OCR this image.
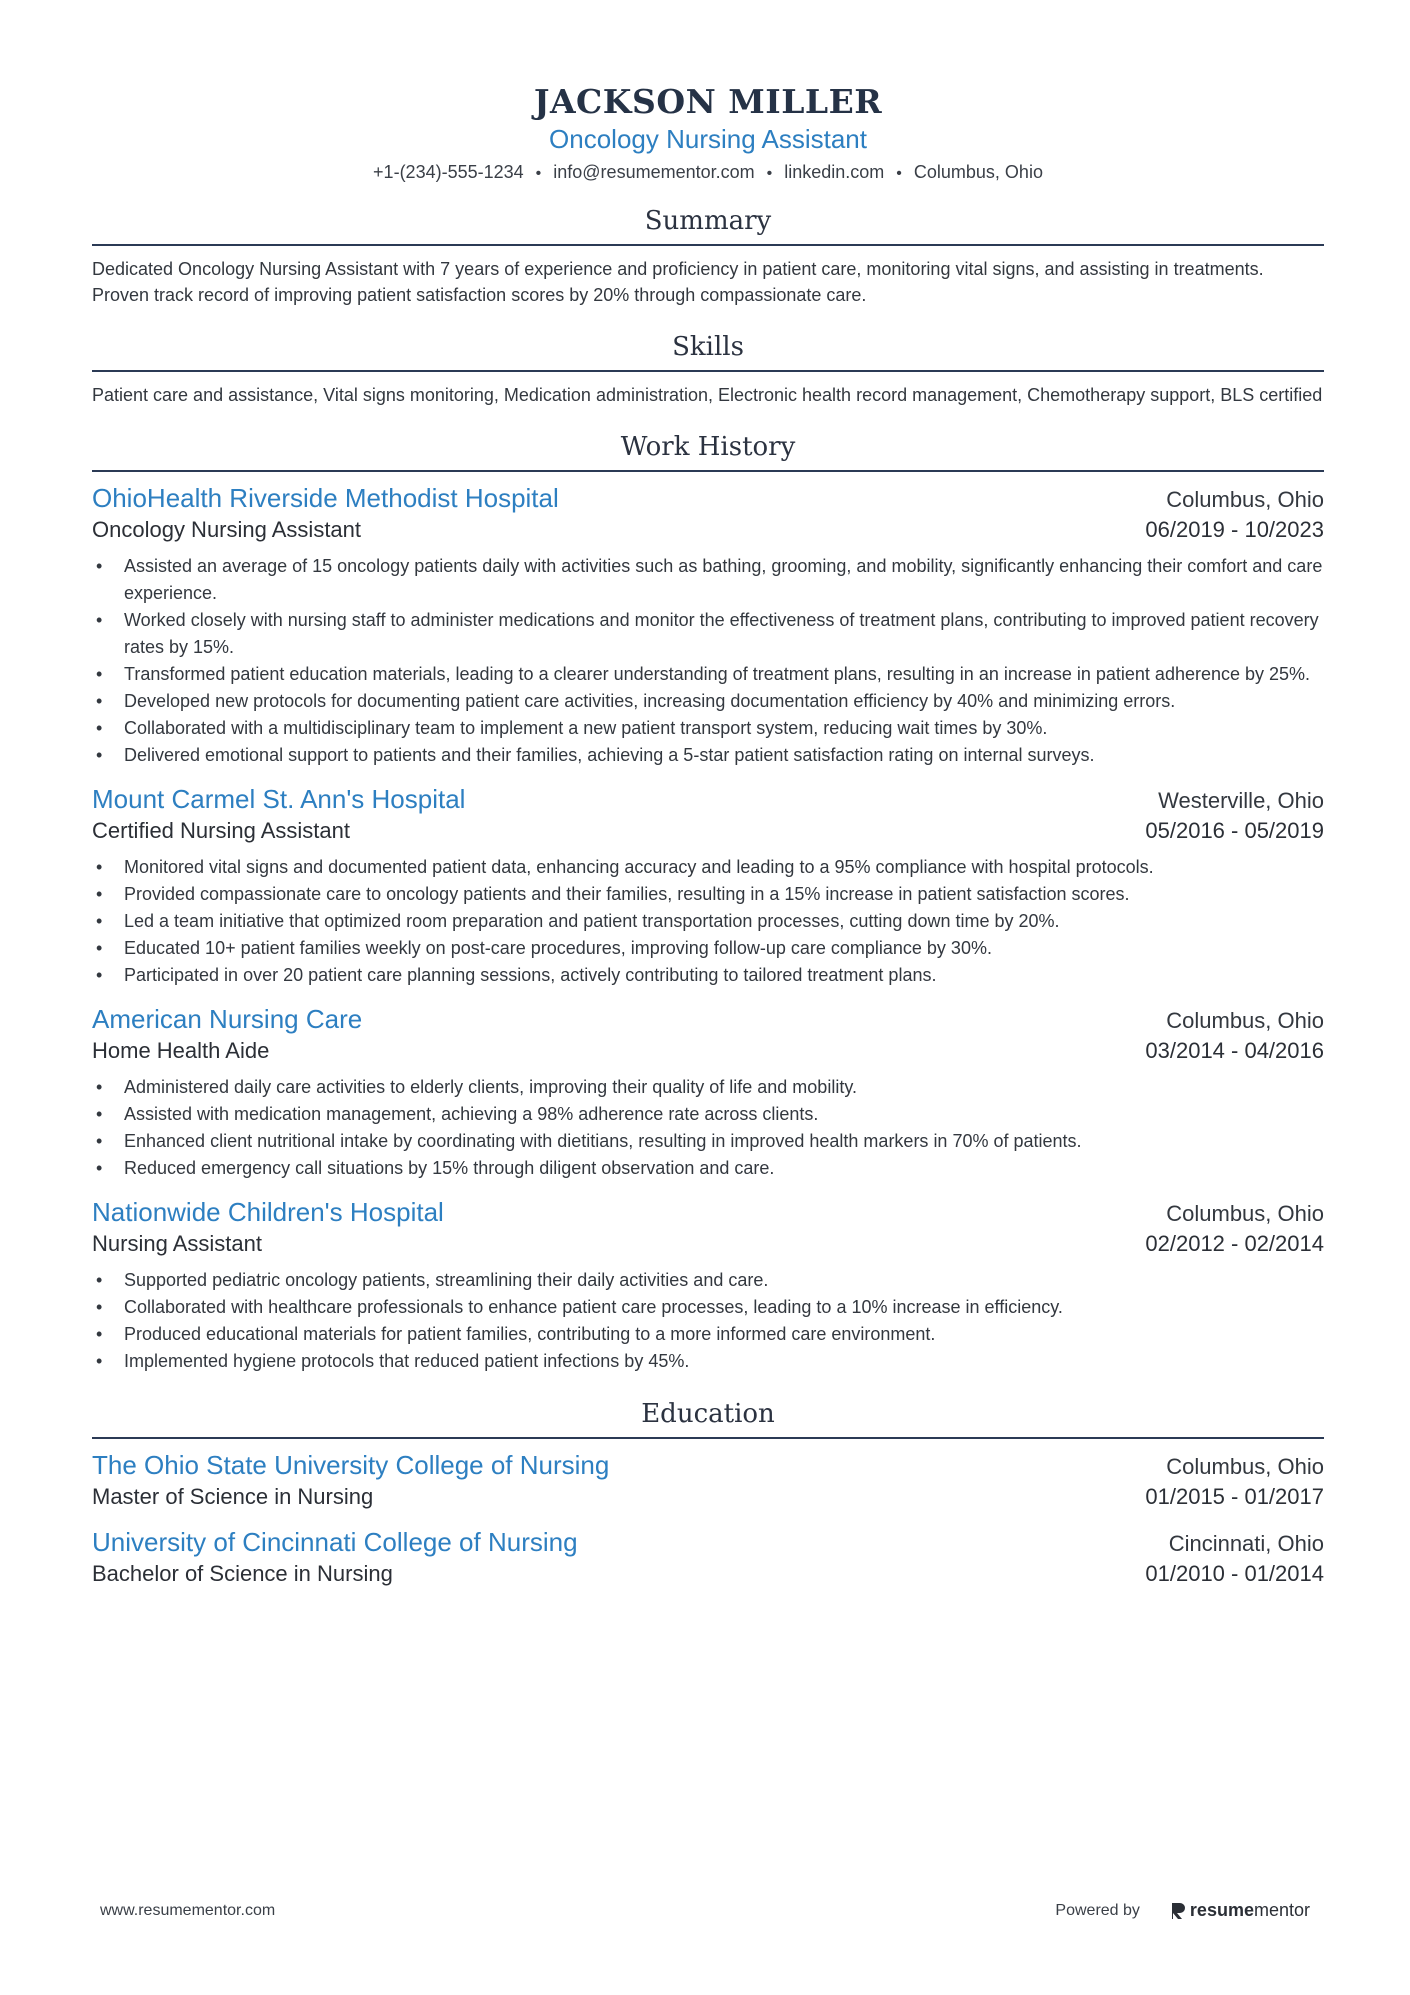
JACKSON MILLER
Oncology Nursing Assistant
+1-(234)-555-1234 • info@resumementor.com • linkedin.com • Columbus, Ohio
Summary
Dedicated Oncology Nursing Assistant with 7 years of experience and proficiency in patient care, monitoring vital signs, and assisting in treatments. Proven track record of improving patient satisfaction scores by 20% through compassionate care.
Skills
Patient care and assistance, Vital signs monitoring, Medication administration, Electronic health record management, Chemotherapy support, BLS certified
Work History
OhioHealth Riverside Methodist Hospital	Columbus, Ohio
Oncology Nursing Assistant	06/2019 - 10/2023
• Assisted an average of 15 oncology patients daily with activities such as bathing, grooming, and mobility, significantly enhancing their comfort and care experience.
• Worked closely with nursing staff to administer medications and monitor the effectiveness of treatment plans, contributing to improved patient recovery rates by 15%.
• Transformed patient education materials, leading to a clearer understanding of treatment plans, resulting in an increase in patient adherence by 25%.
• Developed new protocols for documenting patient care activities, increasing documentation efficiency by 40% and minimizing errors.
• Collaborated with a multidisciplinary team to implement a new patient transport system, reducing wait times by 30%.
• Delivered emotional support to patients and their families, achieving a 5-star patient satisfaction rating on internal surveys.
Mount Carmel St. Ann's Hospital	Westerville, Ohio
Certified Nursing Assistant	05/2016 - 05/2019
• Monitored vital signs and documented patient data, enhancing accuracy and leading to a 95% compliance with hospital protocols.
• Provided compassionate care to oncology patients and their families, resulting in a 15% increase in patient satisfaction scores.
• Led a team initiative that optimized room preparation and patient transportation processes, cutting down time by 20%.
• Educated 10+ patient families weekly on post-care procedures, improving follow-up care compliance by 30%.
• Participated in over 20 patient care planning sessions, actively contributing to tailored treatment plans.
American Nursing Care	Columbus, Ohio
Home Health Aide	03/2014 - 04/2016
• Administered daily care activities to elderly clients, improving their quality of life and mobility.
• Assisted with medication management, achieving a 98% adherence rate across clients.
• Enhanced client nutritional intake by coordinating with dietitians, resulting in improved health markers in 70% of patients.
• Reduced emergency call situations by 15% through diligent observation and care.
Nationwide Children's Hospital	Columbus, Ohio
Nursing Assistant	02/2012 - 02/2014
• Supported pediatric oncology patients, streamlining their daily activities and care.
• Collaborated with healthcare professionals to enhance patient care processes, leading to a 10% increase in efficiency.
• Produced educational materials for patient families, contributing to a more informed care environment.
• Implemented hygiene protocols that reduced patient infections by 45%.
Education
The Ohio State University College of Nursing	Columbus, Ohio
Master of Science in Nursing	01/2015 - 01/2017
University of Cincinnati College of Nursing	Cincinnati, Ohio
Bachelor of Science in Nursing	01/2010 - 01/2014
www.resumementor.com	Powered by	resume mentor
